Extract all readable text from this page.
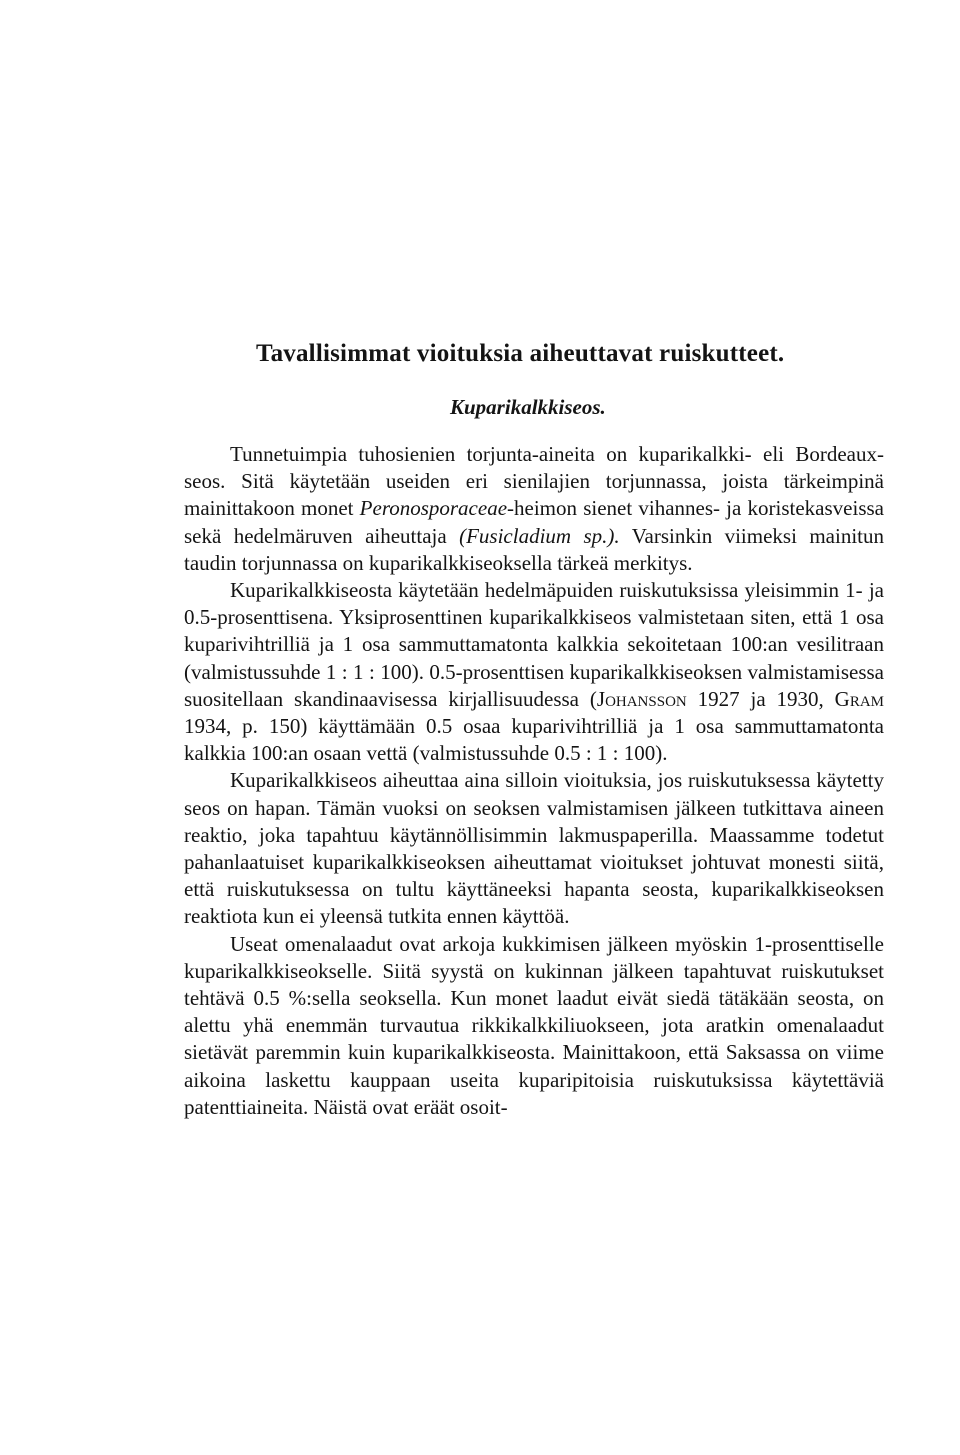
Tavallisimmat vioituksia aiheuttavat ruiskutteet.
Kuparikalkkiseos.

Tunnetuimpia tuhosienien torjunta-aineita on kuparikalkki- eli Bordeaux-seos. Sitä käytetään useiden eri sienilajien torjunnassa, joista tärkeimpinä mainittakoon monet Peronosporaceae-heimon sienet vihannes- ja koristekasveissa sekä hedelmäruven aiheuttaja (Fusicladium sp.). Varsinkin viimeksi mainitun taudin torjunnassa on kuparikalkkiseoksella tärkeä merkitys.

Kuparikalkkiseosta käytetään hedelmäpuiden ruiskutuksissa yleisimmin 1- ja 0.5-prosenttisena. Yksiprosenttinen kuparikalkkiseos valmistetaan siten, että 1 osa kuparivihtrilliä ja 1 osa sammuttamatonta kalkkia sekoitetaan 100:an vesilitraan (valmistussuhde 1 : 1 : 100). 0.5-prosenttisen kuparikalkkiseoksen valmistamisessa suositellaan skandinaavisessa kirjallisuudessa (Johansson 1927 ja 1930, Gram 1934, p. 150) käyttämään 0.5 osaa kuparivihtrilliä ja 1 osa sammuttamatonta kalkkia 100:an osaan vettä (valmistussuhde 0.5 : 1 : 100).

Kuparikalkkiseos aiheuttaa aina silloin vioituksia, jos ruiskutuksessa käytetty seos on hapan. Tämän vuoksi on seoksen valmistamisen jälkeen tutkittava aineen reaktio, joka tapahtuu käytännöllisimmin lakmuspaperilla. Maassamme todetut pahanlaatuiset kuparikalkkiseoksen aiheuttamat vioitukset johtuvat monesti siitä, että ruiskutuksessa on tultu käyttäneeksi hapanta seosta, kuparikalkkiseoksen reaktiota kun ei yleensä tutkita ennen käyttöä.

Useat omenalaadut ovat arkoja kukkimisen jälkeen myöskin 1-prosenttiselle kuparikalkkiseokselle. Siitä syystä on kukinnan jälkeen tapahtuvat ruiskutukset tehtävä 0.5 %:sella seoksella. Kun monet laadut eivät siedä tätäkään seosta, on alettu yhä enemmän turvautua rikkikalkkiliuokseen, jota aratkin omenalaadut sietävät paremmin kuin kuparikalkkiseosta. Mainittakoon, että Saksassa on viime aikoina laskettu kauppaan useita kuparipitoisia ruiskutuksissa käytettäviä patenttiaineita. Näistä ovat eräät osoit-
